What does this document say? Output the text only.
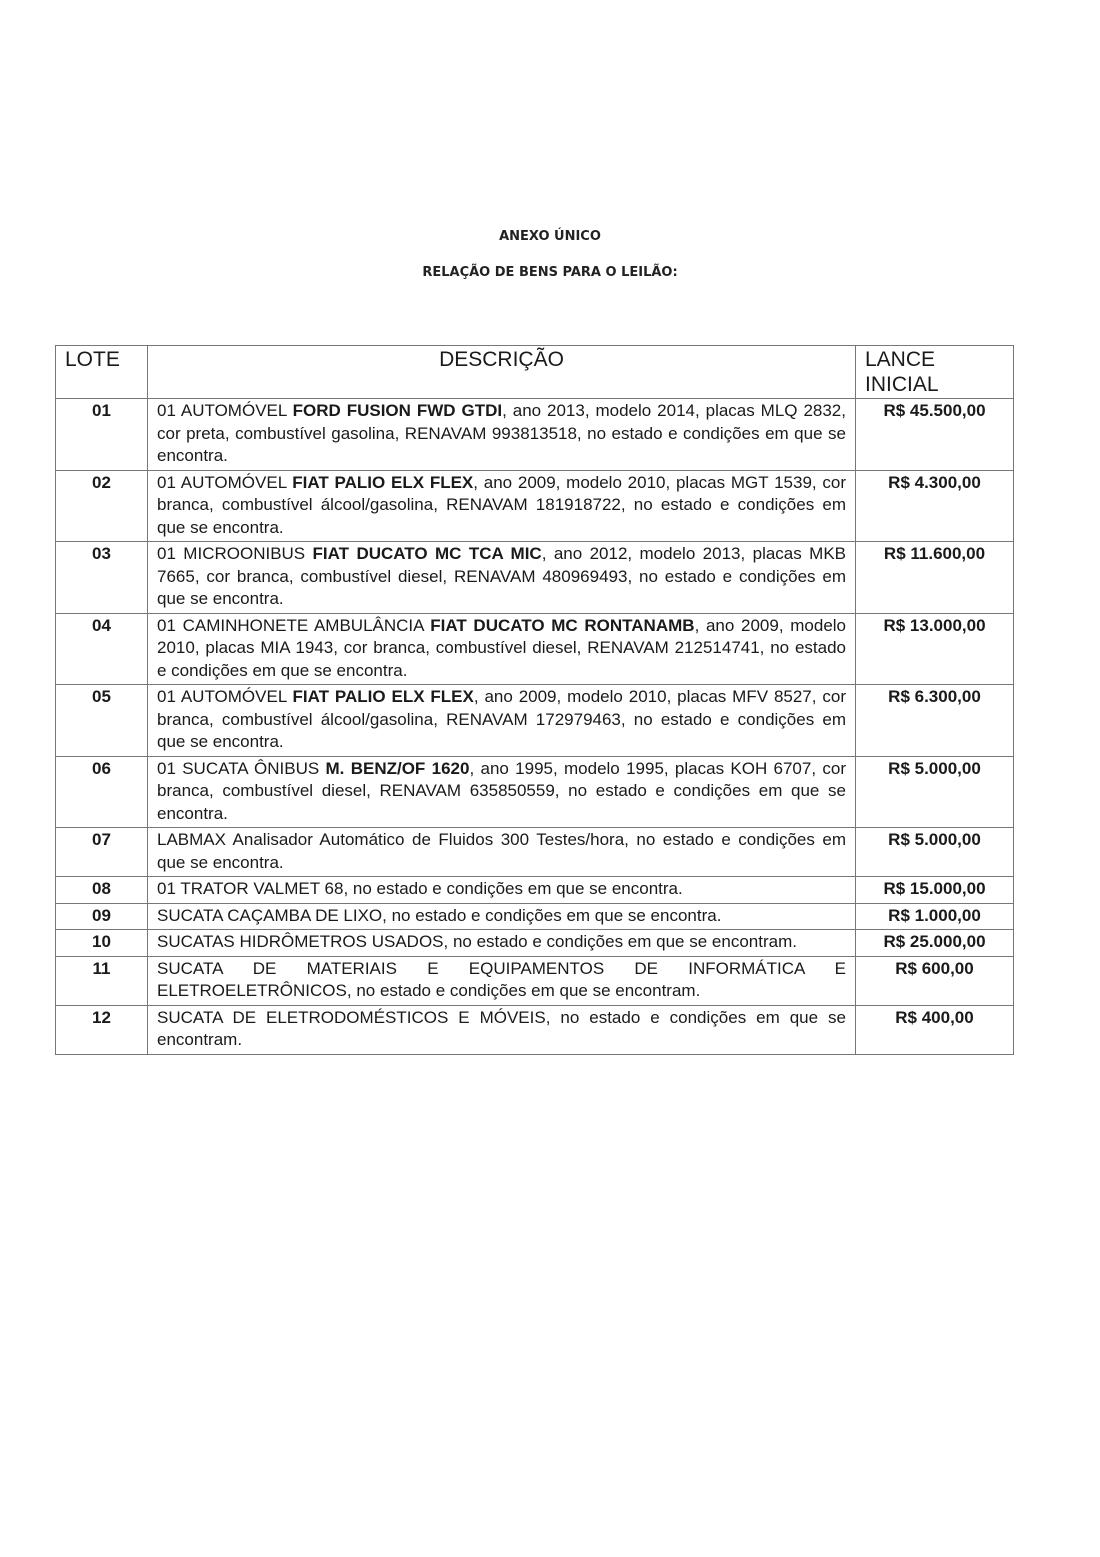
ANEXO ÚNICO
RELAÇÃO DE BENS PARA O LEILÃO:
LOTE	DESCRIÇÃO	LANCE INICIAL
01	01 AUTOMÓVEL FORD FUSION FWD GTDI, ano 2013, modelo 2014, placas MLQ 2832, cor preta, combustível gasolina, RENAVAM 993813518, no estado e condições em que se encontra.	R$ 45.500,00
02	01 AUTOMÓVEL FIAT PALIO ELX FLEX, ano 2009, modelo 2010, placas MGT 1539, cor branca, combustível álcool/gasolina, RENAVAM 181918722, no estado e condições em que se encontra.	R$ 4.300,00
03	01 MICROONIBUS FIAT DUCATO MC TCA MIC, ano 2012, modelo 2013, placas MKB 7665, cor branca, combustível diesel, RENAVAM 480969493, no estado e condições em que se encontra.	R$ 11.600,00
04	01 CAMINHONETE AMBULÂNCIA FIAT DUCATO MC RONTANAMB, ano 2009, modelo 2010, placas MIA 1943, cor branca, combustível diesel, RENAVAM 212514741, no estado e condições em que se encontra.	R$ 13.000,00
05	01 AUTOMÓVEL FIAT PALIO ELX FLEX, ano 2009, modelo 2010, placas MFV 8527, cor branca, combustível álcool/gasolina, RENAVAM 172979463, no estado e condições em que se encontra.	R$ 6.300,00
06	01 SUCATA ÔNIBUS M. BENZ/OF 1620, ano 1995, modelo 1995, placas KOH 6707, cor branca, combustível diesel, RENAVAM 635850559, no estado e condições em que se encontra.	R$ 5.000,00
07	LABMAX Analisador Automático de Fluidos 300 Testes/hora, no estado e condições em que se encontra.	R$ 5.000,00
08	01 TRATOR VALMET 68, no estado e condições em que se encontra.	R$ 15.000,00
09	SUCATA CAÇAMBA DE LIXO, no estado e condições em que se encontra.	R$ 1.000,00
10	SUCATAS HIDRÔMETROS USADOS, no estado e condições em que se encontram.	R$ 25.000,00
11	SUCATA DE MATERIAIS E EQUIPAMENTOS DE INFORMÁTICA E ELETROELETRÔNICOS, no estado e condições em que se encontram.	R$ 600,00
12	SUCATA DE ELETRODOMÉSTICOS E MÓVEIS, no estado e condições em que se encontram.	R$ 400,00
